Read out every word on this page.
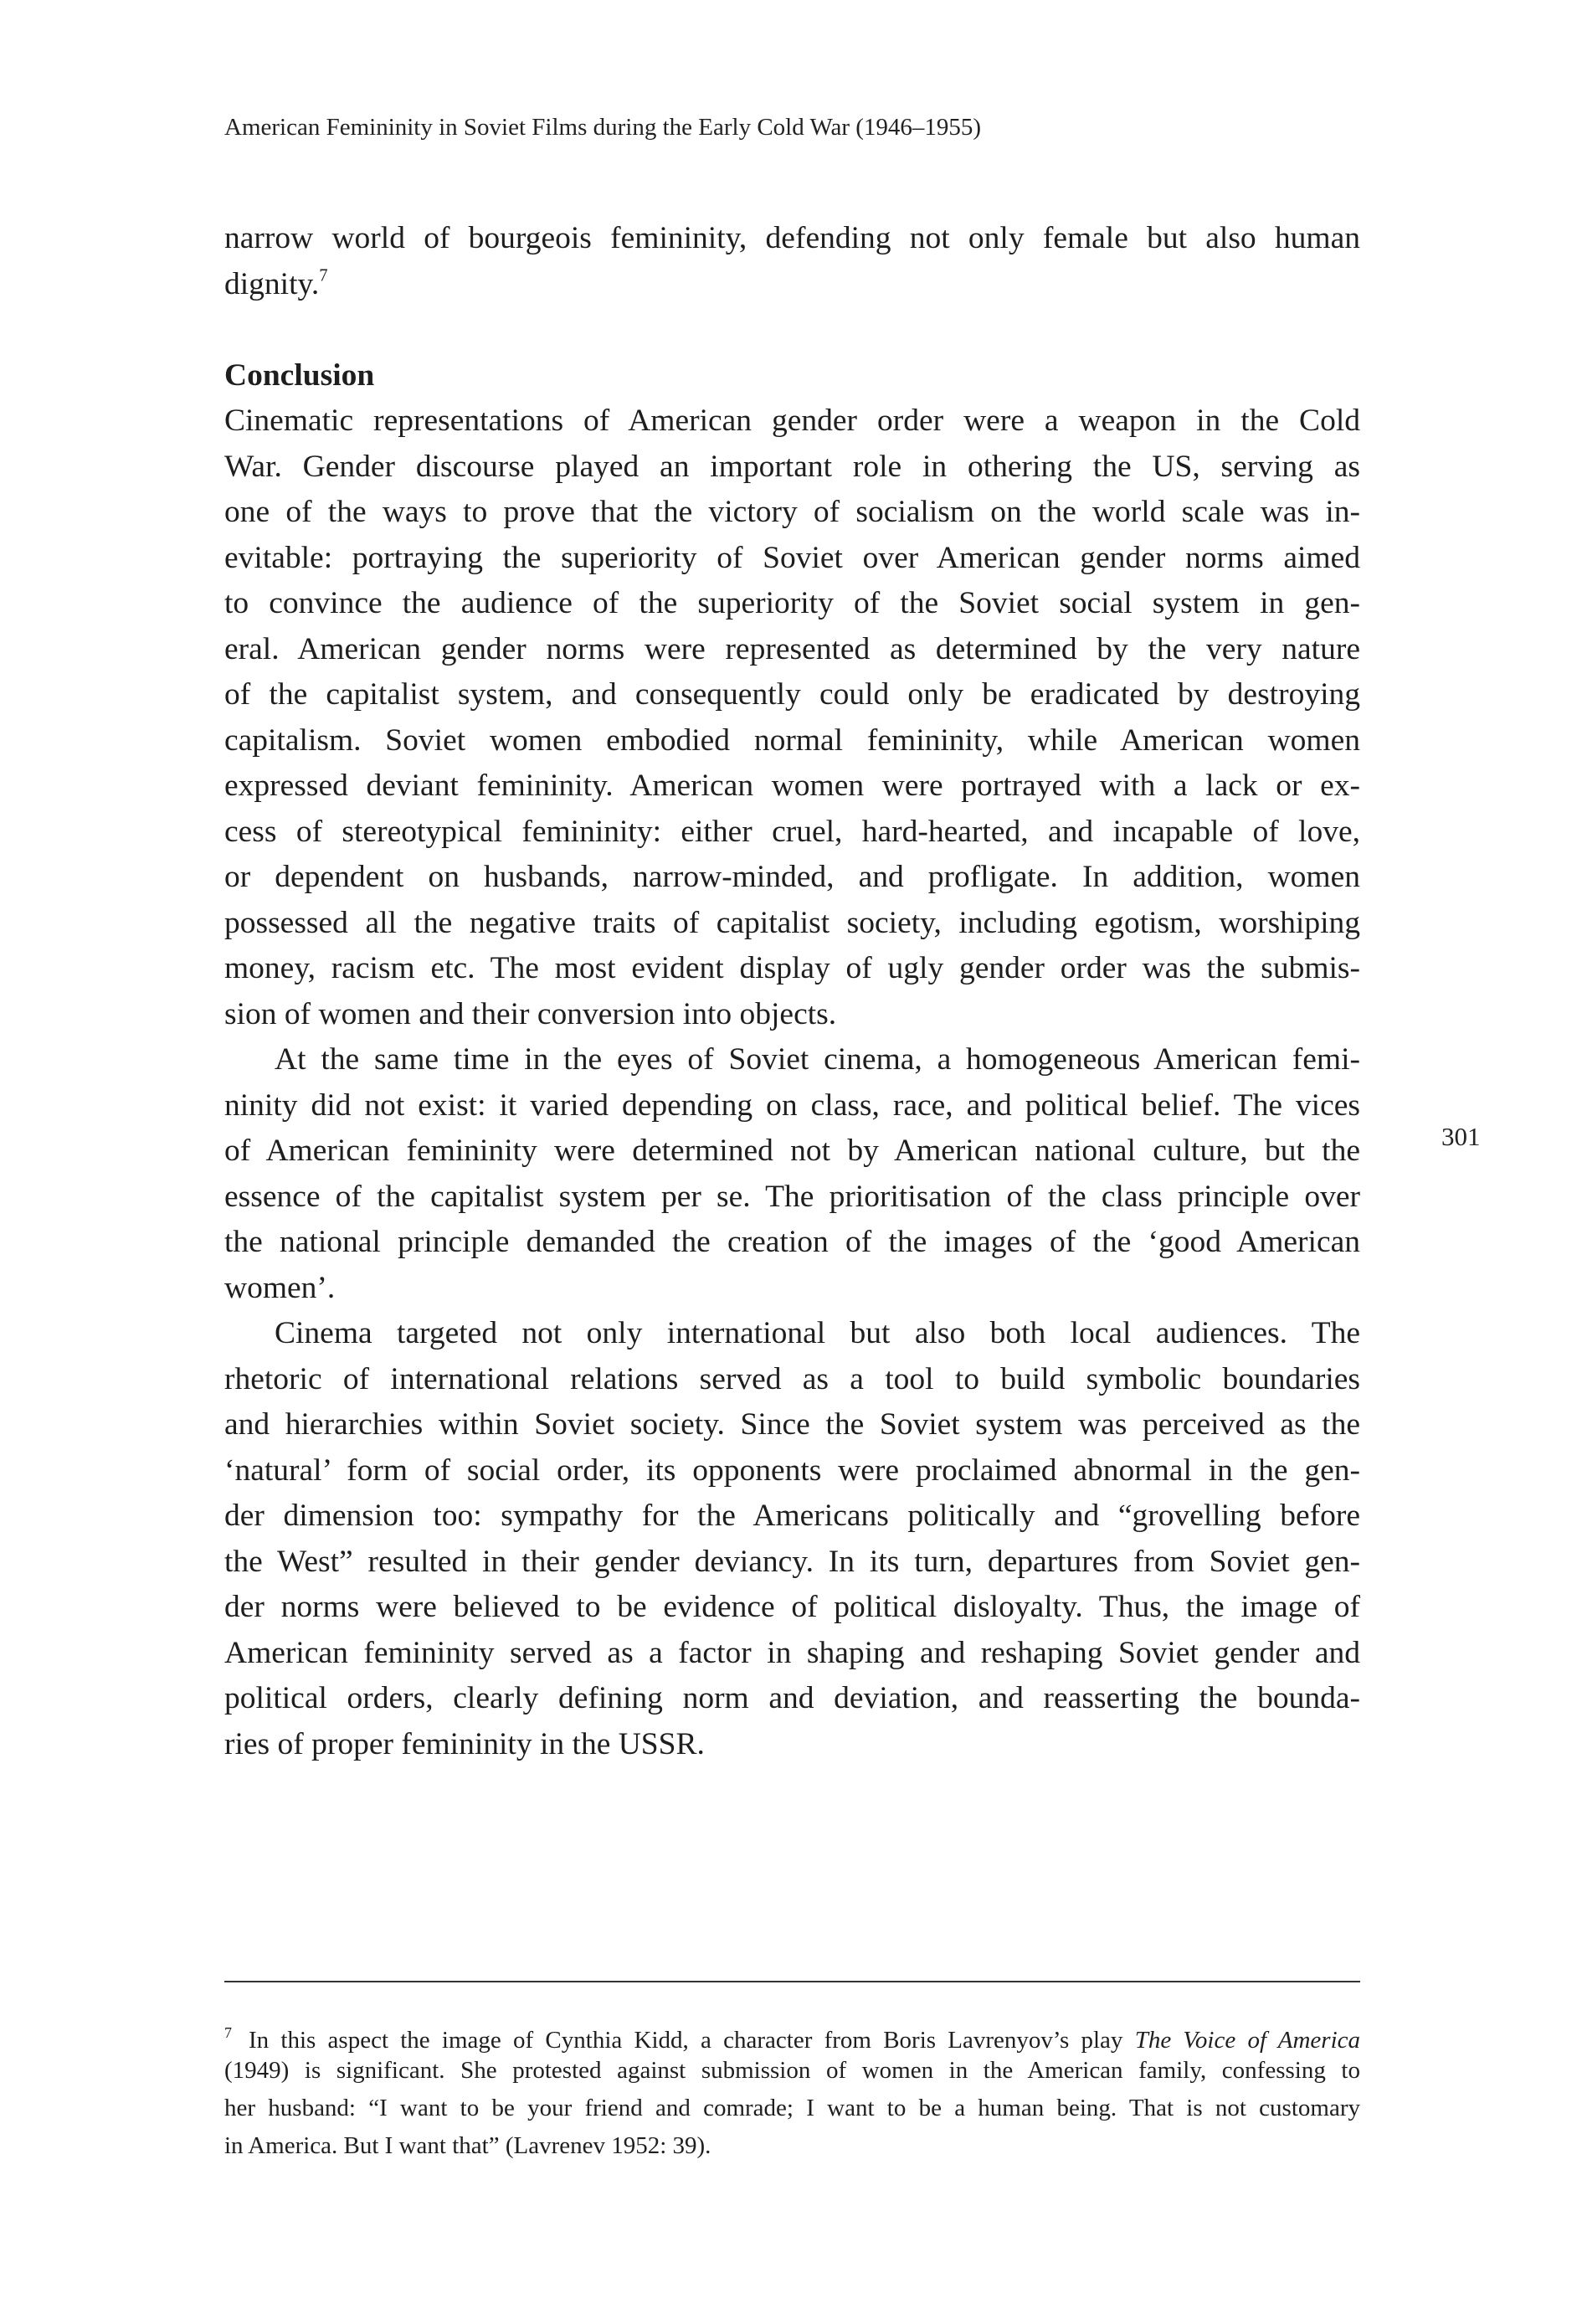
American Femininity in Soviet Films during the Early Cold War (1946–1955)
narrow world of bourgeois femininity, defending not only female but also human
dignity.$^7$
Conclusion
Cinematic representations of American gender order were a weapon in the Cold
War. Gender discourse played an important role in othering the US, serving as
one of the ways to prove that the victory of socialism on the world scale was in-
evitable: portraying the superiority of Soviet over American gender norms aimed
to convince the audience of the superiority of the Soviet social system in gen-
eral. American gender norms were represented as determined by the very nature
of the capitalist system, and consequently could only be eradicated by destroying
capitalism. Soviet women embodied normal femininity, while American women
expressed deviant femininity. American women were portrayed with a lack or ex-
cess of stereotypical femininity: either cruel, hard-hearted, and incapable of love,
or dependent on husbands, narrow-minded, and profligate. In addition, women
possessed all the negative traits of capitalist society, including egotism, worshiping
money, racism etc. The most evident display of ugly gender order was the submis-
sion of women and their conversion into objects.
At the same time in the eyes of Soviet cinema, a homogeneous American femi-
ninity did not exist: it varied depending on class, race, and political belief. The vices
of American femininity were determined not by American national culture, but the
essence of the capitalist system per se. The prioritisation of the class principle over
the national principle demanded the creation of the images of the ‘good American
women’.
Cinema targeted not only international but also both local audiences. The
rhetoric of international relations served as a tool to build symbolic boundaries
and hierarchies within Soviet society. Since the Soviet system was perceived as the
‘natural’ form of social order, its opponents were proclaimed abnormal in the gen-
der dimension too: sympathy for the Americans politically and “grovelling before
the West” resulted in their gender deviancy. In its turn, departures from Soviet gen-
der norms were believed to be evidence of political disloyalty. Thus, the image of
American femininity served as a factor in shaping and reshaping Soviet gender and
political orders, clearly defining norm and deviation, and reasserting the bounda-
ries of proper femininity in the USSR.
301
$^7$ In this aspect the image of Cynthia Kidd, a character from Boris Lavrenyov’s play The Voice of America
(1949) is significant. She protested against submission of women in the American family, confessing to
her husband: “I want to be your friend and comrade; I want to be a human being. That is not customary
in America. But I want that” (Lavrenev 1952: 39).
